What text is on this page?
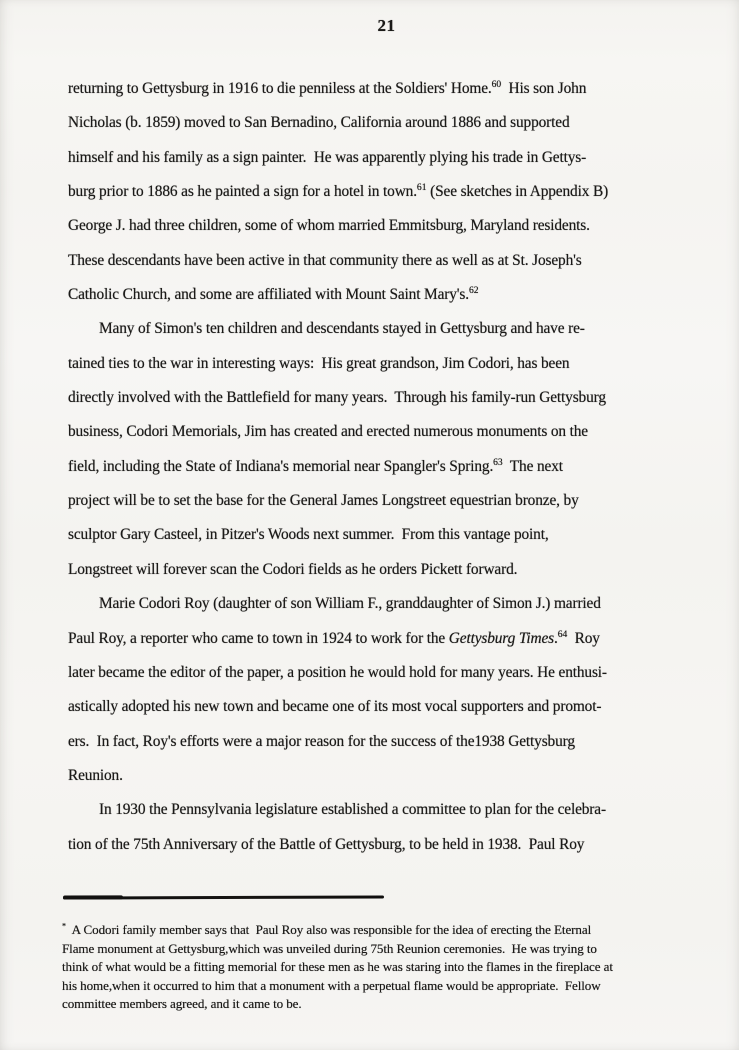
21
returning to Gettysburg in 1916 to die penniless at the Soldiers' Home.$^{60}$  His son John
Nicholas (b. 1859) moved to San Bernadino, California around 1886 and supported
himself and his family as a sign painter.  He was apparently plying his trade in Gettys-
burg prior to 1886 as he painted a sign for a hotel in town.$^{61}$ (See sketches in Appendix B)
George J. had three children, some of whom married Emmitsburg, Maryland residents.
These descendants have been active in that community there as well as at St. Joseph's
Catholic Church, and some are affiliated with Mount Saint Mary's.$^{62}$
Many of Simon's ten children and descendants stayed in Gettysburg and have re-
tained ties to the war in interesting ways:  His great grandson, Jim Codori, has been
directly involved with the Battlefield for many years.  Through his family-run Gettysburg
business, Codori Memorials, Jim has created and erected numerous monuments on the
field, including the State of Indiana's memorial near Spangler's Spring.$^{63}$  The next
project will be to set the base for the General James Longstreet equestrian bronze, by
sculptor Gary Casteel, in Pitzer's Woods next summer.  From this vantage point,
Longstreet will forever scan the Codori fields as he orders Pickett forward.
Marie Codori Roy (daughter of son William F., granddaughter of Simon J.) married
Paul Roy, a reporter who came to town in 1924 to work for the Gettysburg Times.$^{64}$  Roy
later became the editor of the paper, a position he would hold for many years. He enthusi-
astically adopted his new town and became one of its most vocal supporters and promot-
ers.  In fact, Roy's efforts were a major reason for the success of the1938 Gettysburg
Reunion.
In 1930 the Pennsylvania legislature established a committee to plan for the celebra-
tion of the 75th Anniversary of the Battle of Gettysburg, to be held in 1938.  Paul Roy
*  A Codori family member says that  Paul Roy also was responsible for the idea of erecting the Eternal
Flame monument at Gettysburg,which was unveiled during 75th Reunion ceremonies.  He was trying to
think of what would be a fitting memorial for these men as he was staring into the flames in the fireplace at
his home,when it occurred to him that a monument with a perpetual flame would be appropriate.  Fellow
committee members agreed, and it came to be.
